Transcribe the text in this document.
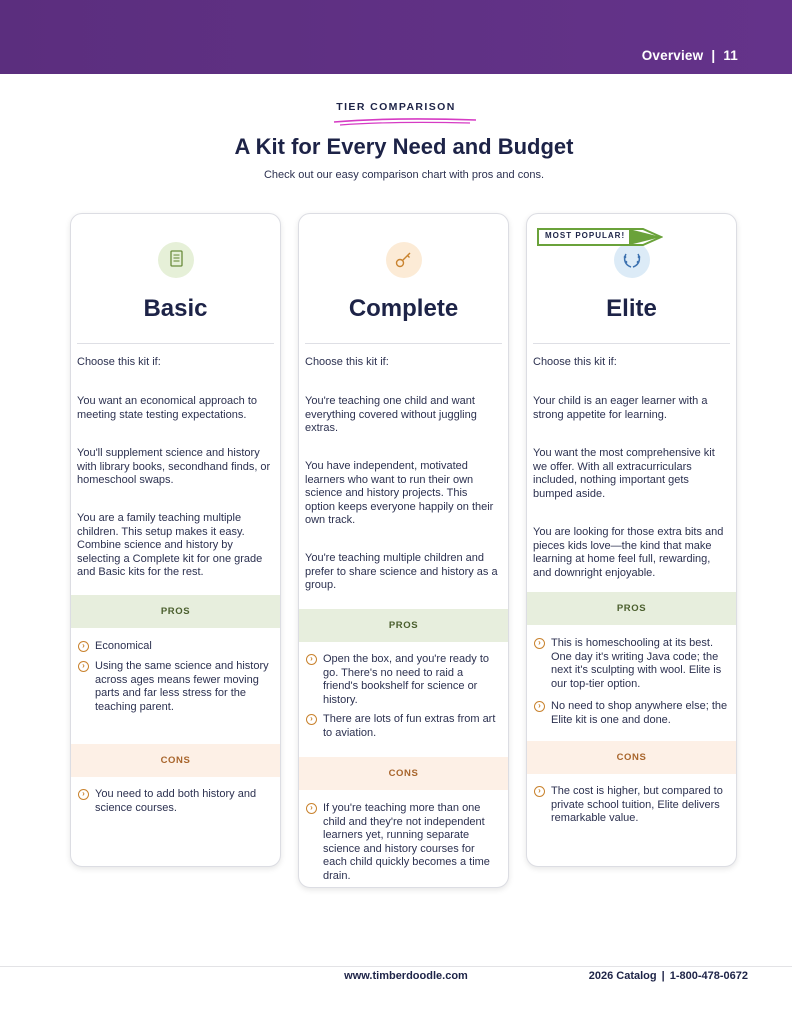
Overview | 11
TIER COMPARISON
A Kit for Every Need and Budget
Check out our easy comparison chart with pros and cons.
Basic
Choose this kit if:
You want an economical approach to meeting state testing expectations.
You'll supplement science and history with library books, secondhand finds, or homeschool swaps.
You are a family teaching multiple children. This setup makes it easy. Combine science and history by selecting a Complete kit for one grade and Basic kits for the rest.
PROS
› Economical
› Using the same science and history across ages means fewer moving parts and far less stress for the teaching parent.
CONS
› You need to add both history and science courses.
Complete
Choose this kit if:
You're teaching one child and want everything covered without juggling extras.
You have independent, motivated learners who want to run their own science and history projects. This option keeps everyone happily on their own track.
You're teaching multiple children and prefer to share science and history as a group.
PROS
› Open the box, and you're ready to go. There's no need to raid a friend's bookshelf for science or history.
› There are lots of fun extras from art to aviation.
CONS
› If you're teaching more than one child and they're not independent learners yet, running separate science and history courses for each child quickly becomes a time drain.
Elite
Choose this kit if:
Your child is an eager learner with a strong appetite for learning.
You want the most comprehensive kit we offer. With all extracurriculars included, nothing important gets bumped aside.
You are looking for those extra bits and pieces kids love—the kind that make learning at home feel full, rewarding, and downright enjoyable.
PROS
› This is homeschooling at its best. One day it's writing Java code; the next it's sculpting with wool. Elite is our top-tier option.
› No need to shop anywhere else; the Elite kit is one and done.
CONS
› The cost is higher, but compared to private school tuition, Elite delivers remarkable value.
MOST POPULAR!
www.timberdoodle.com	2026 Catalog | 1-800-478-0672
